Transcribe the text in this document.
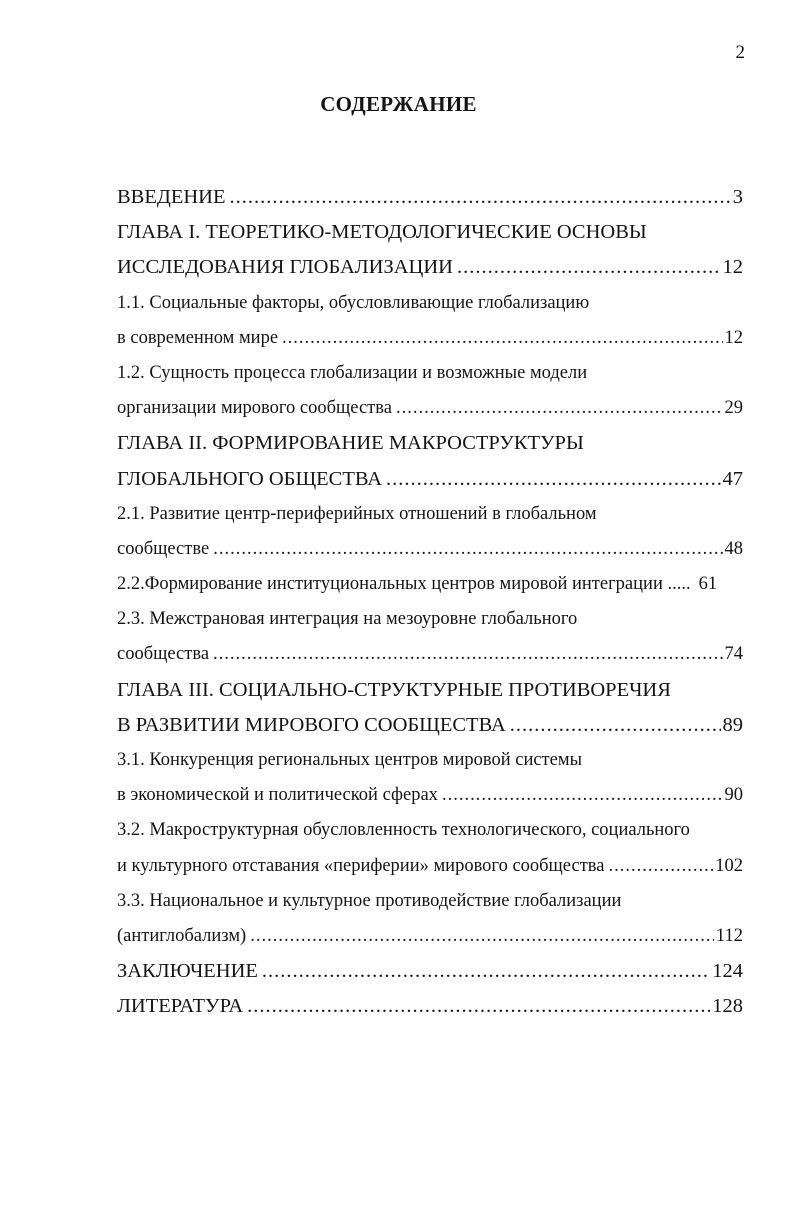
2
СОДЕРЖАНИЕ
ВВЕДЕНИЕ .....	3
ГЛАВА I. ТЕОРЕТИКО-МЕТОДОЛОГИЧЕСКИЕ ОСНОВЫ
ИССЛЕДОВАНИЯ ГЛОБАЛИЗАЦИИ .....	12
1.1. Социальные факторы, обусловливающие глобализацию
в современном мире .....	12
1.2. Сущность процесса глобализации и возможные модели
организации мирового сообщества .....	29
ГЛАВА II. ФОРМИРОВАНИЕ МАКРОСТРУКТУРЫ
ГЛОБАЛЬНОГО ОБЩЕСТВА .....	47
2.1. Развитие центр-периферийных отношений в глобальном
сообществе .....	48
2.2.Формирование институциональных центров мировой интеграции ..... 61
2.3. Межстрановая интеграция на мезоуровне глобального
сообщества .....	74
ГЛАВА III. СОЦИАЛЬНО-СТРУКТУРНЫЕ ПРОТИВОРЕЧИЯ
В РАЗВИТИИ МИРОВОГО СООБЩЕСТВА .....	89
3.1. Конкуренция региональных центров мировой системы
в экономической и политической сферах .....	90
3.2. Макроструктурная обусловленность технологического, социального
и культурного отставания «периферии» мирового сообщества .....	102
3.3. Национальное и культурное противодействие глобализации
(антиглобализм) .....	112
ЗАКЛЮЧЕНИЕ .....	124
ЛИТЕРАТУРА .....	128
